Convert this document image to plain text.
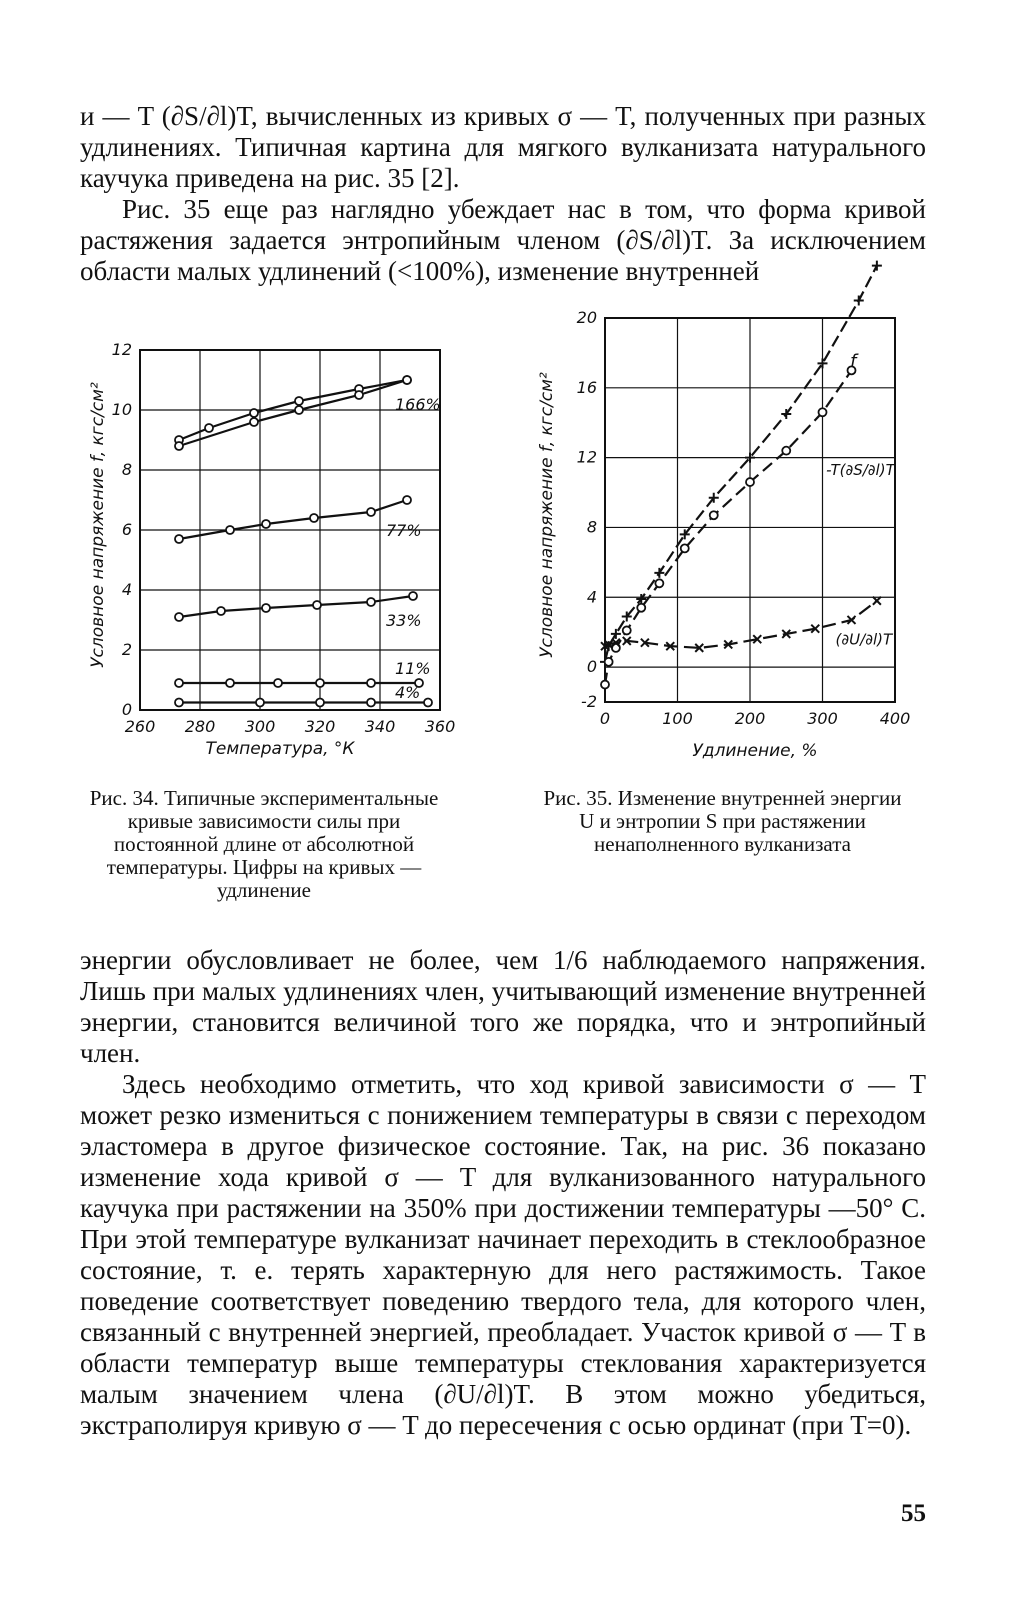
и — T (∂S/∂l)T, вычисленных из кривых σ — T, полученных при разных удлинениях. Типичная картина для мягкого вулканизата натурального каучука приведена на рис. 35 [2].

Рис. 35 еще раз наглядно убеждает нас в том, что форма кривой растяжения задается энтропийным членом (∂S/∂l)T. За исключением области малых удлинений (<100%), изменение внутренней

260 280 300 320 340 360
0
2
4
6
8
10
12
166%
77%
33%
11%
4%
Температура, °К
Условное напряжение f, кгс/см²
0	100	200	300	400
-2
0
4
8
12
16
20
f
-T(∂S/∂l)T
(∂U/∂l)T
Удлинение, %
Условное напряжение f, кгс/см²

Рис. 34. Типичные экспериментальные кривые зависимости силы при постоянной длине от абсолютной температуры. Цифры на кривых — удлинение

Рис. 35. Изменение внутренней энергии U и энтропии S при растяжении ненаполненного вулканизата

энергии обусловливает не более, чем 1/6 наблюдаемого напряжения. Лишь при малых удлинениях член, учитывающий изменение внутренней энергии, становится величиной того же порядка, что и энтропийный член.

Здесь необходимо отметить, что ход кривой зависимости σ — T может резко измениться с понижением температуры в связи с переходом эластомера в другое физическое состояние. Так, на рис. 36 показано изменение хода кривой σ — T для вулканизованного натурального каучука при растяжении на 350% при достижении температуры —50° С. При этой температуре вулканизат начинает переходить в стеклообразное состояние, т. е. терять характерную для него растяжимость. Такое поведение соответствует поведению твердого тела, для которого член, связанный с внутренней энергией, преобладает. Участок кривой σ — T в области температур выше температуры стеклования характеризуется малым значением члена (∂U/∂l)T. В этом можно убедиться, экстраполируя кривую σ — T до пересечения с осью ординат (при T=0).

55
